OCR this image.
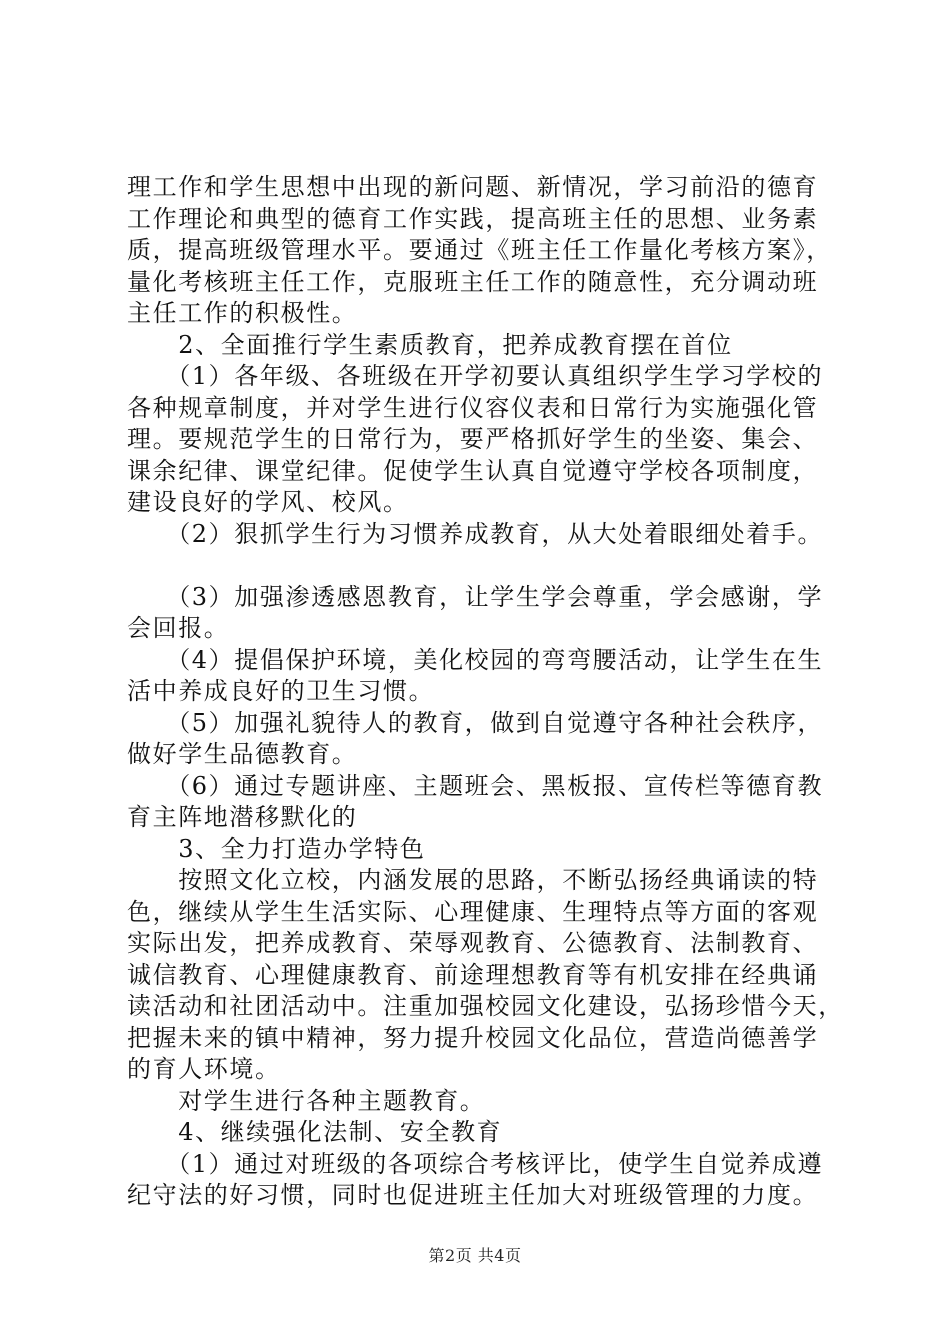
理工作和学生思想中出现的新问题、新情况，学习前沿的德育
工作理论和典型的德育工作实践，提高班主任的思想、业务素
质，提高班级管理水平。要通过《班主任工作量化考核方案》，
量化考核班主任工作，克服班主任工作的随意性，充分调动班
主任工作的积极性。
　　2、全面推行学生素质教育，把养成教育摆在首位
　　（1）各年级、各班级在开学初要认真组织学生学习学校的
各种规章制度，并对学生进行仪容仪表和日常行为实施强化管
理。要规范学生的日常行为，要严格抓好学生的坐姿、集会、
课余纪律、课堂纪律。促使学生认真自觉遵守学校各项制度，
建设良好的学风、校风。
　　（2）狠抓学生行为习惯养成教育，从大处着眼细处着手。
　　（3）加强渗透感恩教育，让学生学会尊重，学会感谢，学
会回报。
　　（4）提倡保护环境，美化校园的弯弯腰活动，让学生在生
活中养成良好的卫生习惯。
　　（5）加强礼貌待人的教育，做到自觉遵守各种社会秩序，
做好学生品德教育。
　　（6）通过专题讲座、主题班会、黑板报、宣传栏等德育教
育主阵地潜移默化的
　　3、全力打造办学特色
　　按照文化立校，内涵发展的思路，不断弘扬经典诵读的特
色，继续从学生生活实际、心理健康、生理特点等方面的客观
实际出发，把养成教育、荣辱观教育、公德教育、法制教育、
诚信教育、心理健康教育、前途理想教育等有机安排在经典诵
读活动和社团活动中。注重加强校园文化建设，弘扬珍惜今天，
把握未来的镇中精神，努力提升校园文化品位，营造尚德善学
的育人环境。
　　对学生进行各种主题教育。
　　4、继续强化法制、安全教育
　　（1）通过对班级的各项综合考核评比，使学生自觉养成遵
纪守法的好习惯，同时也促进班主任加大对班级管理的力度。
第2页 共4页
